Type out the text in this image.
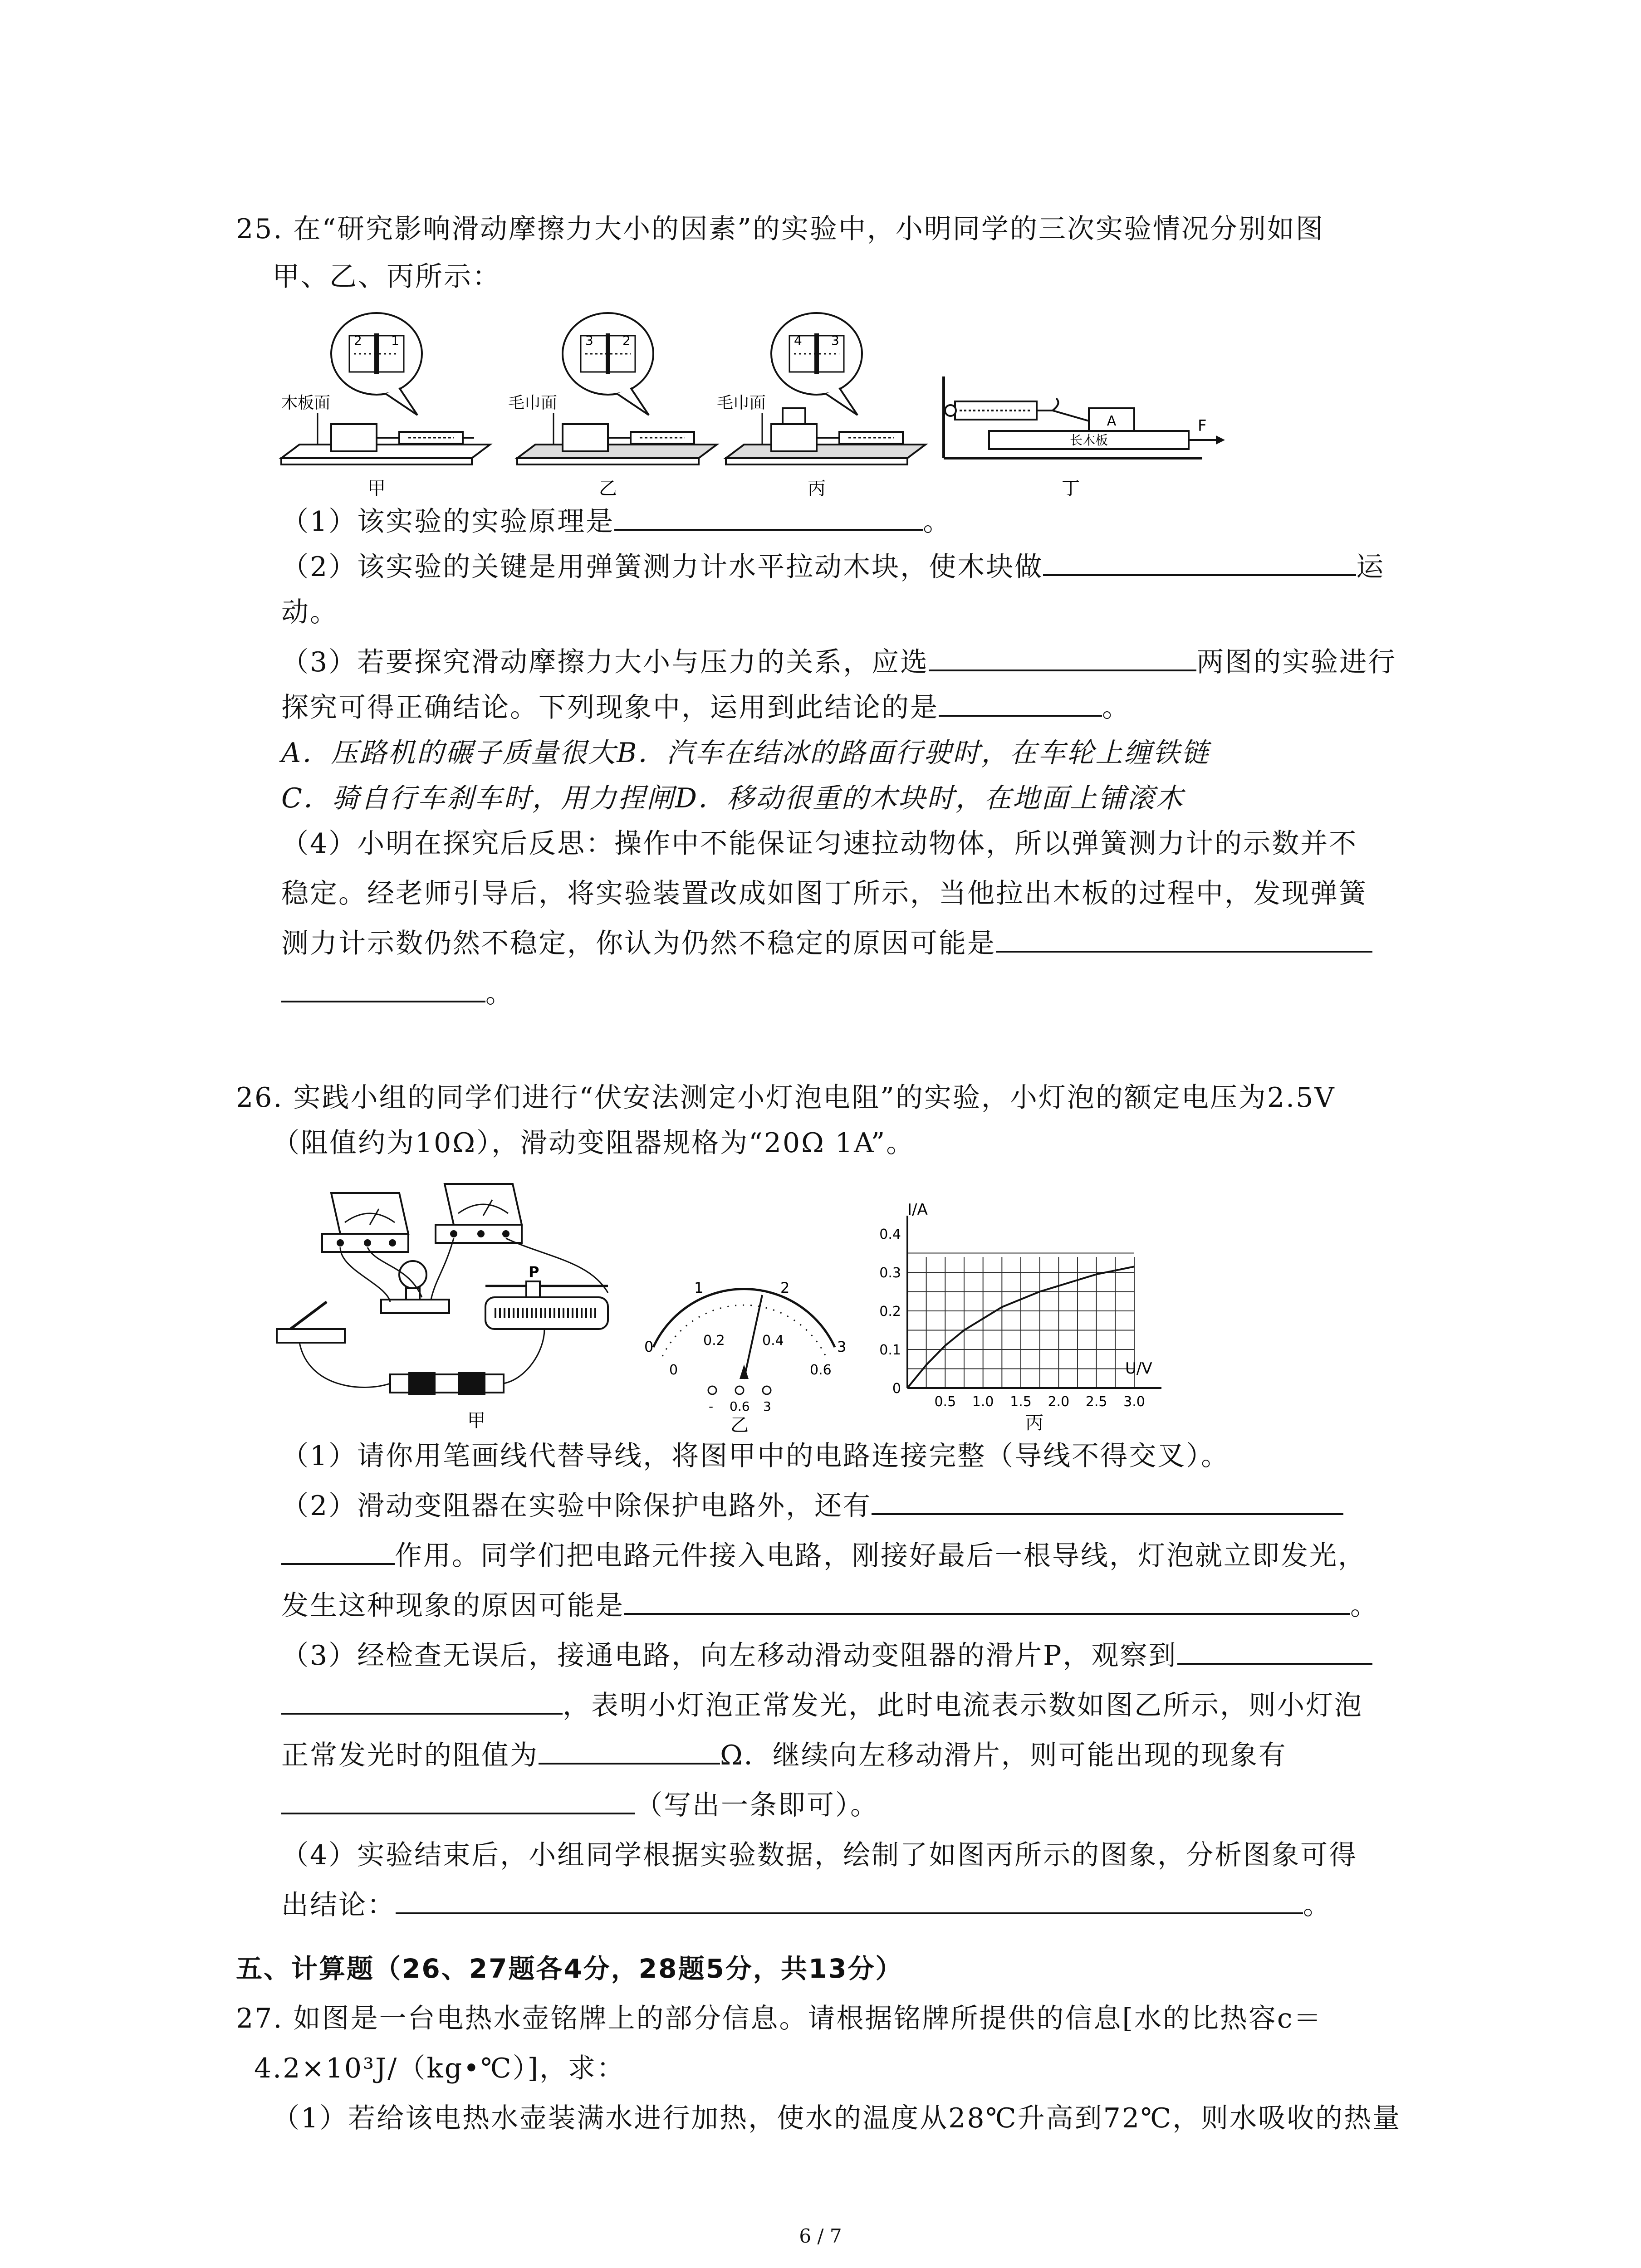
25. 在“研究影响滑动摩擦力大小的因素”的实验中，小明同学的三次实验情况分别如图
甲、乙、丙所示：
木板面
2 1
甲
毛巾面
3 2
乙
毛巾面
4 3
丙
A
长木板
F
丁
（1）该实验的实验原理是	。
（2）该实验的关键是用弹簧测力计水平拉动木块，使木块做	运
动。
（3）若要探究滑动摩擦力大小与压力的关系，应选	两图的实验进行
探究可得正确结论。下列现象中，运用到此结论的是	。
A．压路机的碾子质量很大B．汽车在结冰的路面行驶时，在车轮上缠铁链
C．骑自行车刹车时，用力捏闸D．移动很重的木块时，在地面上铺滚木
（4）小明在探究后反思：操作中不能保证匀速拉动物体，所以弹簧测力计的示数并不
稳定。经老师引导后，将实验装置改成如图丁所示，当他拉出木板的过程中，发现弹簧
测力计示数仍然不稳定，你认为仍然不稳定的原因可能是
。
26. 实践小组的同学们进行“伏安法测定小灯泡电阻”的实验，小灯泡的额定电压为2.5V
（阻值约为10Ω），滑动变阻器规格为“20Ω 1A”。
P
甲
0
1	2
3
0
0.2	0.4
0.6
- 0.6 3
乙
0
0.1
0.2
0.3
0.4
0.5 1.0 1.5 2.0 2.5 3.0
I/A
U/V
丙
（1）请你用笔画线代替导线，将图甲中的电路连接完整（导线不得交叉）。
（2）滑动变阻器在实验中除保护电路外，还有
作用。同学们把电路元件接入电路，刚接好最后一根导线，灯泡就立即发光，
发生这种现象的原因可能是	。
（3）经检查无误后，接通电路，向左移动滑动变阻器的滑片P，观察到
，表明小灯泡正常发光，此时电流表示数如图乙所示，则小灯泡
正常发光时的阻值为	Ω．继续向左移动滑片，则可能出现的现象有
（写出一条即可）。
（4）实验结束后，小组同学根据实验数据，绘制了如图丙所示的图象，分析图象可得
出结论：	。
五、计算题（26、27题各4分，28题5分，共13分）
27. 如图是一台电热水壶铭牌上的部分信息。请根据铭牌所提供的信息[水的比热容c＝
4.2×10³J/（kg•℃）]，求：
（1）若给该电热水壶装满水进行加热，使水的温度从28℃升高到72℃，则水吸收的热量
6 / 7
